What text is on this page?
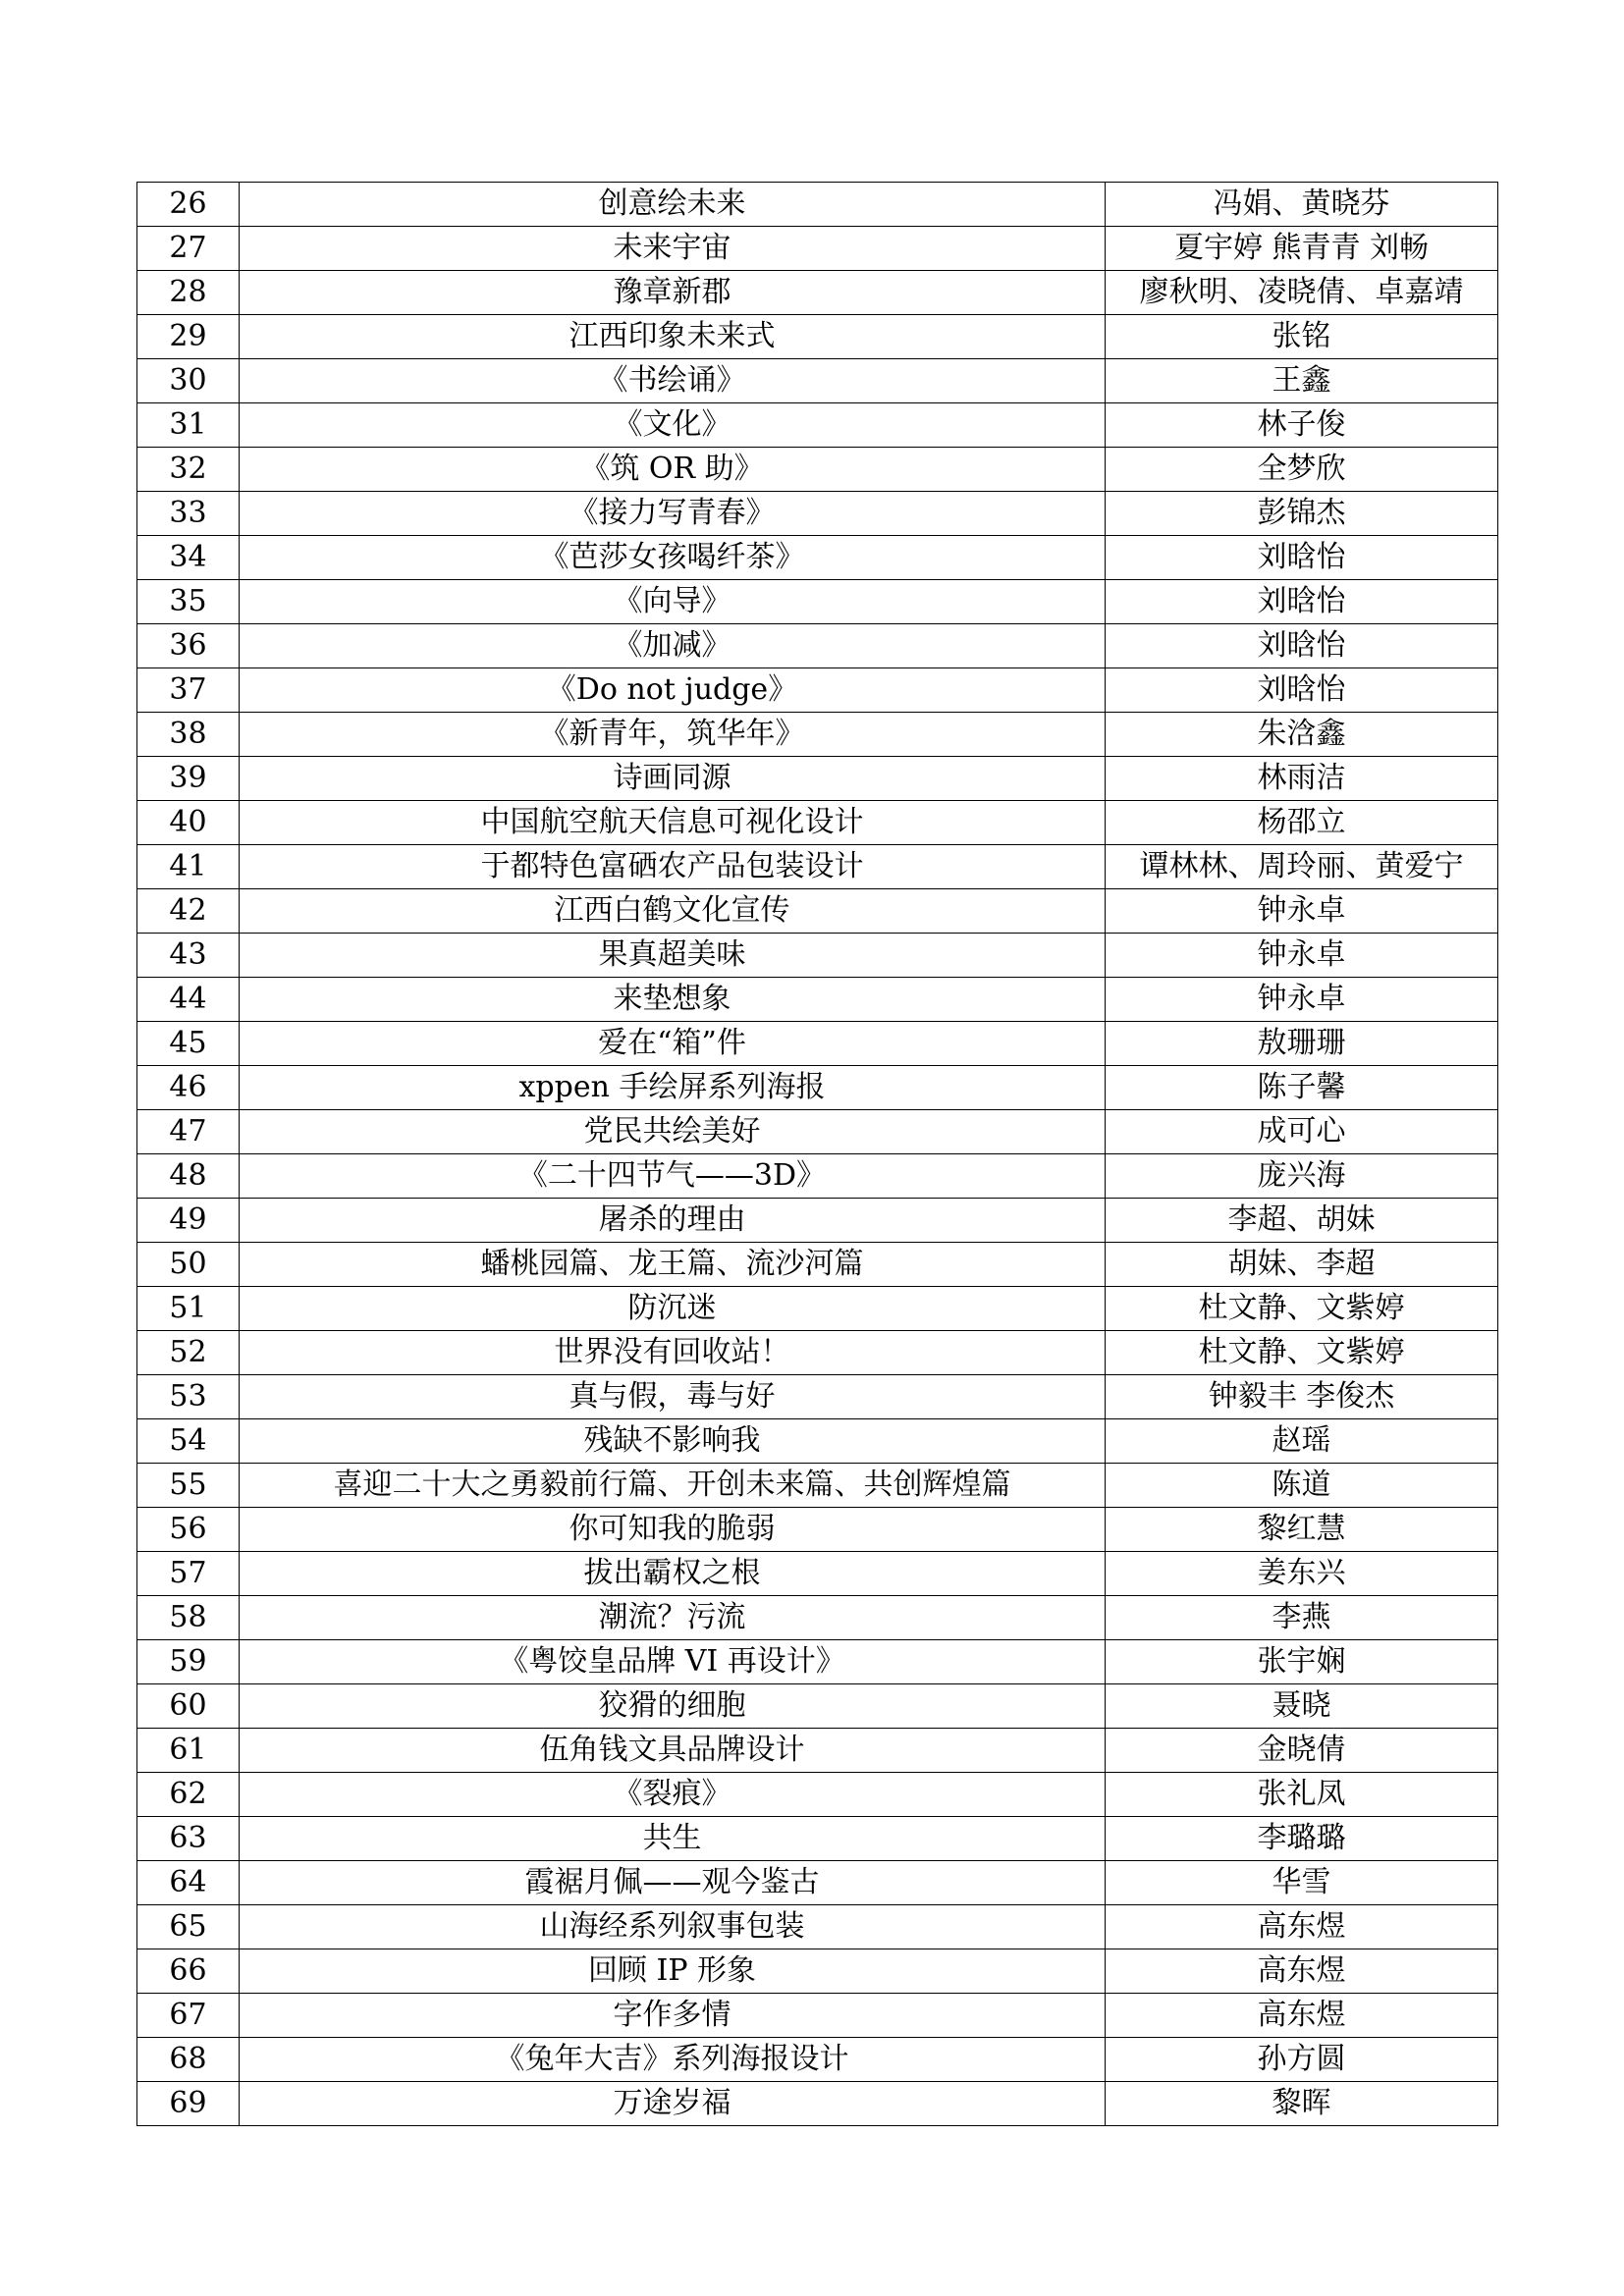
26	创意绘未来	冯娟、黄晓芬
27	未来宇宙	夏宇婷 熊青青 刘畅
28	豫章新郡	廖秋明、凌晓倩、卓嘉靖
29	江西印象未来式	张铭
30	《书绘诵》	王鑫
31	《文化》	林子俊
32	《筑 OR 助》	全梦欣
33	《接力写青春》	彭锦杰
34	《芭莎女孩喝纤茶》	刘晗怡
35	《向导》	刘晗怡
36	《加减》	刘晗怡
37	《Do not judge》	刘晗怡
38	《新青年，筑华年》	朱浛鑫
39	诗画同源	林雨洁
40	中国航空航天信息可视化设计	杨邵立
41	于都特色富硒农产品包装设计	谭林林、周玲丽、黄爱宁
42	江西白鹤文化宣传	钟永卓
43	果真超美味	钟永卓
44	来垫想象	钟永卓
45	爱在“箱”件	敖珊珊
46	xppen 手绘屏系列海报	陈子馨
47	党民共绘美好	成可心
48	《二十四节气——3D》	庞兴海
49	屠杀的理由	李超、胡妹
50	蟠桃园篇、龙王篇、流沙河篇	胡妹、李超
51	防沉迷	杜文静、文紫婷
52	世界没有回收站！	杜文静、文紫婷
53	真与假，毒与好	钟毅丰 李俊杰
54	残缺不影响我	赵瑶
55	喜迎二十大之勇毅前行篇、开创未来篇、共创辉煌篇	陈道
56	你可知我的脆弱	黎红慧
57	拔出霸权之根	姜东兴
58	潮流？污流	李燕
59	《粤饺皇品牌 VI 再设计》	张宇娴
60	狡猾的细胞	聂晓
61	伍角钱文具品牌设计	金晓倩
62	《裂痕》	张礼凤
63	共生	李璐璐
64	霞裾月佩——观今鉴古	华雪
65	山海经系列叙事包装	高东煜
66	回顾 IP 形象	高东煜
67	字作多情	高东煜
68	《兔年大吉》系列海报设计	孙方圆
69	万途岁福	黎晖
